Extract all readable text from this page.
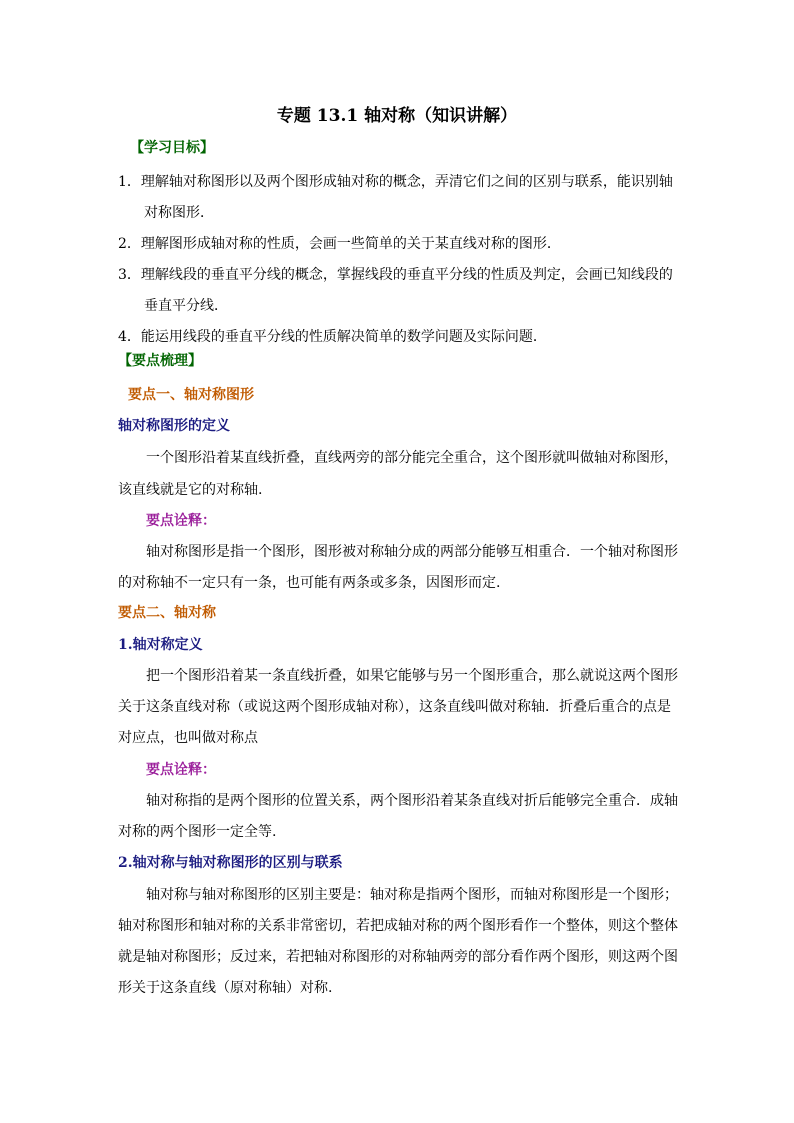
专题 13.1 轴对称（知识讲解）
【学习目标】
1．理解轴对称图形以及两个图形成轴对称的概念，弄清它们之间的区别与联系，能识别轴
对称图形．
2．理解图形成轴对称的性质，会画一些简单的关于某直线对称的图形．
3．理解线段的垂直平分线的概念，掌握线段的垂直平分线的性质及判定，会画已知线段的
垂直平分线．
4．能运用线段的垂直平分线的性质解决简单的数学问题及实际问题．
【要点梳理】
要点一、轴对称图形
轴对称图形的定义
一个图形沿着某直线折叠，直线两旁的部分能完全重合，这个图形就叫做轴对称图形，
该直线就是它的对称轴.
要点诠释：
轴对称图形是指一个图形，图形被对称轴分成的两部分能够互相重合．一个轴对称图形
的对称轴不一定只有一条，也可能有两条或多条，因图形而定.
要点二、轴对称
1.轴对称定义
把一个图形沿着某一条直线折叠，如果它能够与另一个图形重合，那么就说这两个图形
关于这条直线对称（或说这两个图形成轴对称），这条直线叫做对称轴．折叠后重合的点是
对应点，也叫做对称点
要点诠释：
轴对称指的是两个图形的位置关系，两个图形沿着某条直线对折后能够完全重合．成轴
对称的两个图形一定全等.
2.轴对称与轴对称图形的区别与联系
轴对称与轴对称图形的区别主要是：轴对称是指两个图形，而轴对称图形是一个图形；
轴对称图形和轴对称的关系非常密切，若把成轴对称的两个图形看作一个整体，则这个整体
就是轴对称图形；反过来，若把轴对称图形的对称轴两旁的部分看作两个图形，则这两个图
形关于这条直线（原对称轴）对称.
